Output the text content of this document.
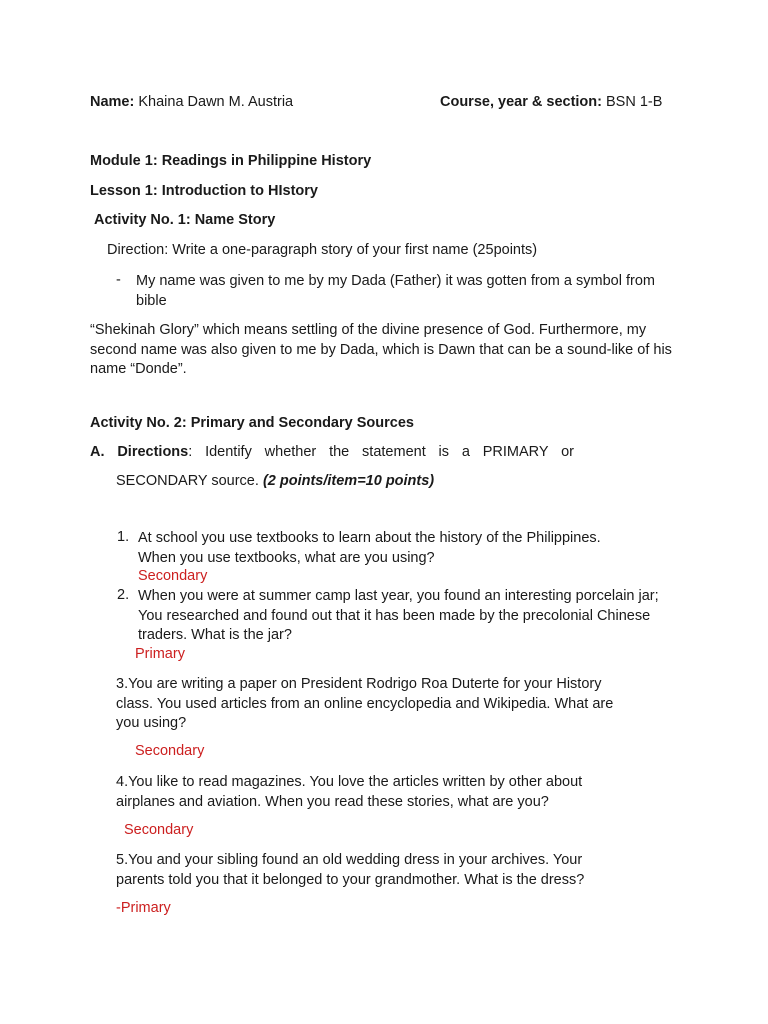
Name: Khaina Dawn M. Austria	Course, year & section: BSN 1-B
Module 1: Readings in Philippine History
Lesson 1: Introduction to HIstory
Activity No. 1: Name Story
Direction: Write a one-paragraph story of your first name (25points)
- My name was given to me by my Dada (Father) it was gotten from a symbol from bible
“Shekinah Glory” which means settling of the divine presence of God. Furthermore, my second name was also given to me by Dada, which is Dawn that can be a sound-like of his name “Donde”.
Activity No. 2: Primary and Secondary Sources
A. Directions: Identify whether the statement is a PRIMARY or
SECONDARY source. (2 points/item=10 points)
1. At school you use textbooks to learn about the history of the Philippines. When you use textbooks, what are you using?
Secondary
2. When you were at summer camp last year, you found an interesting porcelain jar; You researched and found out that it has been made by the precolonial Chinese traders. What is the jar?
Primary
3.You are writing a paper on President Rodrigo Roa Duterte for your History class. You used articles from an online encyclopedia and Wikipedia. What are you using?
Secondary
4.You like to read magazines. You love the articles written by other about airplanes and aviation. When you read these stories, what are you?
Secondary
5.You and your sibling found an old wedding dress in your archives. Your parents told you that it belonged to your grandmother. What is the dress?
-Primary
